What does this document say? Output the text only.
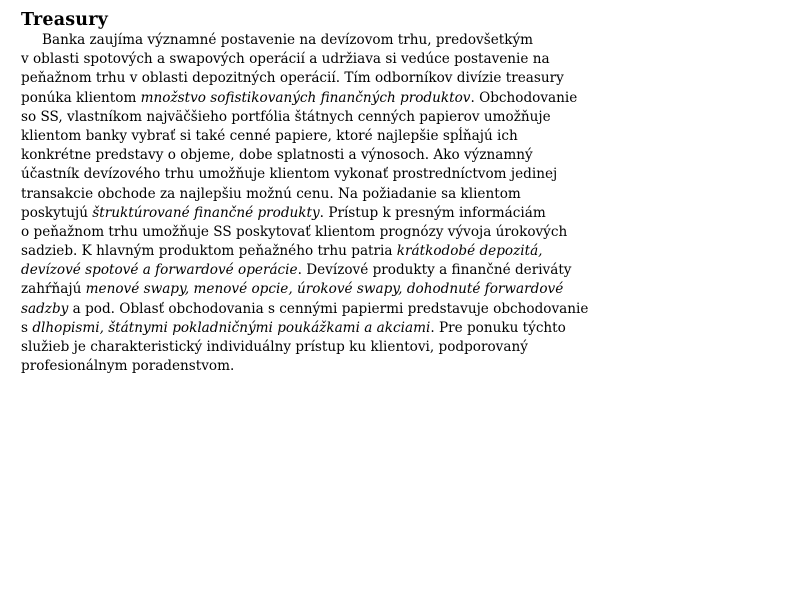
Treasury
Banka zaujíma významné postavenie na devízovom trhu, predovšetkým
v oblasti spotových a swapových operácií a udržiava si vedúce postavenie na
peňažnom trhu v oblasti depozitných operácií. Tím odborníkov divízie treasury
ponúka klientom množstvo sofistikovaných finančných produktov. Obchodovanie
so SS, vlastníkom najväčšieho portfólia štátnych cenných papierov umožňuje
klientom banky vybrať si také cenné papiere, ktoré najlepšie spĺňajú ich
konkrétne predstavy o objeme, dobe splatnosti a výnosoch. Ako významný
účastník devízového trhu umožňuje klientom vykonať prostredníctvom jedinej
transakcie obchode za najlepšiu možnú cenu. Na požiadanie sa klientom
poskytujú štruktúrované finančné produkty. Prístup k presným informáciám
o peňažnom trhu umožňuje SS poskytovať klientom prognózy vývoja úrokových
sadzieb. K hlavným produktom peňažného trhu patria krátkodobé depozitá,
devízové spotové a forwardové operácie. Devízové produkty a finančné deriváty
zahŕňajú menové swapy, menové opcie, úrokové swapy, dohodnuté forwardové
sadzby a pod. Oblasť obchodovania s cennými papiermi predstavuje obchodovanie
s dlhopismi, štátnymi pokladničnými poukážkami a akciami. Pre ponuku týchto
služieb je charakteristický individuálny prístup ku klientovi, podporovaný
profesionálnym poradenstvom.
